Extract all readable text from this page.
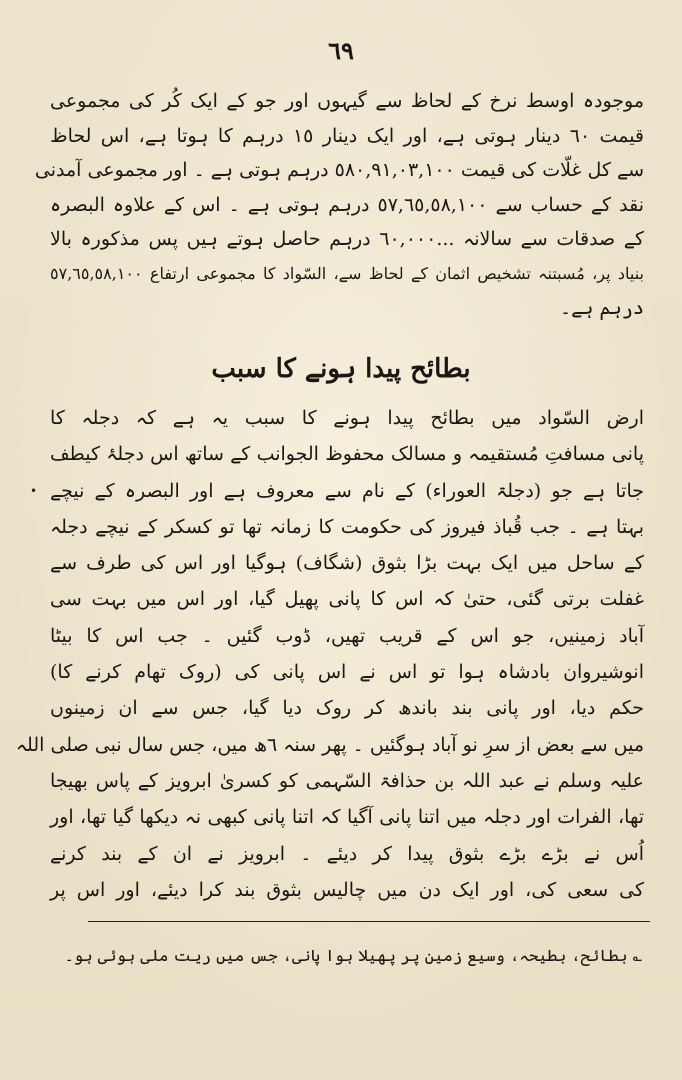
٦٩
موجودہ اوسط نرخ کے لحاظ سے گیہوں اور جو کے ایک کُر کی مجموعی
قیمت ٦٠ دینار ہوتی ہے، اور ایک دینار ١٥ درہم کا ہوتا ہے، اس لحاظ
سے کل غلّات کی قیمت ٥٨٠,٩١,٠٣,١٠٠ درہم ہوتی ہے ۔ اور مجموعی آمدنی
نقد کے حساب سے ٥٧,٦٥,٥٨,١٠٠ درہم ہوتی ہے ۔ اس کے علاوہ البصرہ
کے صدقات سے سالانہ ...٦٠,٠٠٠ درہم حاصل ہوتے ہیں پس مذکورہ بالا
بنیاد پر، مُسبتنہ تشخیص اثمان کے لحاظ سے، السّواد کا مجموعی ارتفاع ٥٧,٦٥,٥٨,١٠٠
درہم ہے۔
بطائح پیدا ہونے کا سبب
•
ارض السّواد میں بطائح پیدا ہونے کا سبب یہ ہے کہ دجلہ کا
پانی مسافتِ مُستقیمہ و مسالک محفوظ الجوانب کے ساتھ اس دجلۂ کیطف
جاتا ہے جو (دجلۃ العوراء) کے نام سے معروف ہے اور البصرہ کے نیچے
بہتا ہے ۔ جب قُباذ فیروز کی حکومت کا زمانہ تھا تو کسکر کے نیچے دجلہ
کے ساحل میں ایک بہت بڑا بثوق (شگاف) ہوگیا اور اس کی طرف سے
غفلت برتی گئی، حتیٰ کہ اس کا پانی پھیل گیا، اور اس میں بہت سی
آباد زمینیں، جو اس کے قریب تھیں، ڈوب گئیں ۔ جب اس کا بیٹا
انوشیروان بادشاہ ہوا تو اس نے اس پانی کی (روک تھام کرنے کا)
حکم دیا، اور پانی بند باندھ کر روک دیا گیا، جس سے ان زمینوں
میں سے بعض از سرِ نو آباد ہوگئیں ۔ پھر سنہ ٦ھ میں، جس سال نبی صلی اللہ
علیہ وسلم نے عبد اللہ بن حذافۃ السّہمی کو کسریٰ ابرویز کے پاس بھیجا
تھا، الفرات اور دجلہ میں اتنا پانی آگیا کہ اتنا پانی کبھی نہ دیکھا گیا تھا، اور
اُس نے بڑے بڑے بثوق پیدا کر دیئے ۔ ابرویز نے ان کے بند کرنے
کی سعی کی، اور ایک دن میں چالیس بثوق بند کرا دیئے، اور اس پر
؎ بطائح، بطیحہ، وسیع زمین پر پھیلا ہوا پانی، جس میں ریت ملی ہوئی ہو۔
